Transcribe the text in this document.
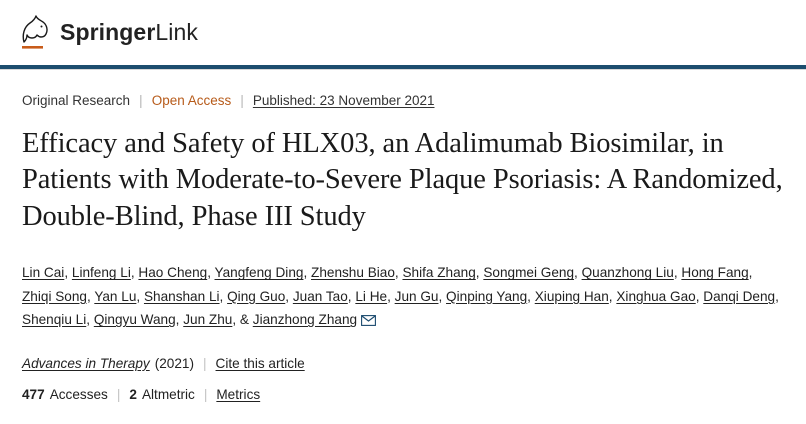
SpringerLink
Original Research | Open Access | Published: 23 November 2021
Efficacy and Safety of HLX03, an Adalimumab Biosimilar, in Patients with Moderate-to-Severe Plaque Psoriasis: A Randomized, Double-Blind, Phase III Study
Lin Cai, Linfeng Li, Hao Cheng, Yangfeng Ding, Zhenshu Biao, Shifa Zhang, Songmei Geng, Quanzhong Liu, Hong Fang, Zhiqi Song, Yan Lu, Shanshan Li, Qing Guo, Juan Tao, Li He, Jun Gu, Qinping Yang, Xiuping Han, Xinghua Gao, Danqi Deng, Shenqiu Li, Qingyu Wang, Jun Zhu, & Jianzhong Zhang
Advances in Therapy (2021) | Cite this article
477 Accesses | 2 Altmetric | Metrics
